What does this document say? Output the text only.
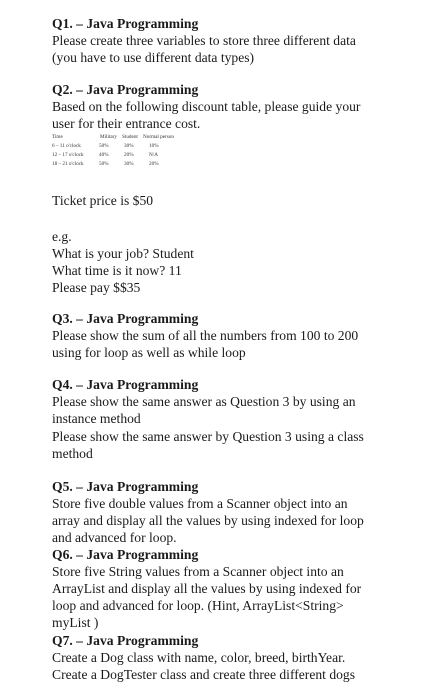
Q1. – Java Programming
Please create three variables to store three different data
(you have to use different data types)
Q2. – Java Programming
Based on the following discount table, please guide your
user for their entrance cost.
Time	Military Student Normal person
6 – 11 o'clock	50%	30%	10%
12 – 17 o'clock	40%	20%	N/A
18 – 21 o'clock	50%	30%	20%
Ticket price is $50
e.g.
What is your job? Student
What time is it now? 11
Please pay $$35
Q3. – Java Programming
Please show the sum of all the numbers from 100 to 200
using for loop as well as while loop
Q4. – Java Programming
Please show the same answer as Question 3 by using an
instance method
Please show the same answer by Question 3 using a class
method
Q5. – Java Programming
Store five double values from a Scanner object into an
array and display all the values by using indexed for loop
and advanced for loop.
Q6. – Java Programming
Store five String values from a Scanner object into an
ArrayList and display all the values by using indexed for
loop and advanced for loop. (Hint, ArrayList<String>
myList )
Q7. – Java Programming
Create a Dog class with name, color, breed, birthYear.
Create a DogTester class and create three different dogs
